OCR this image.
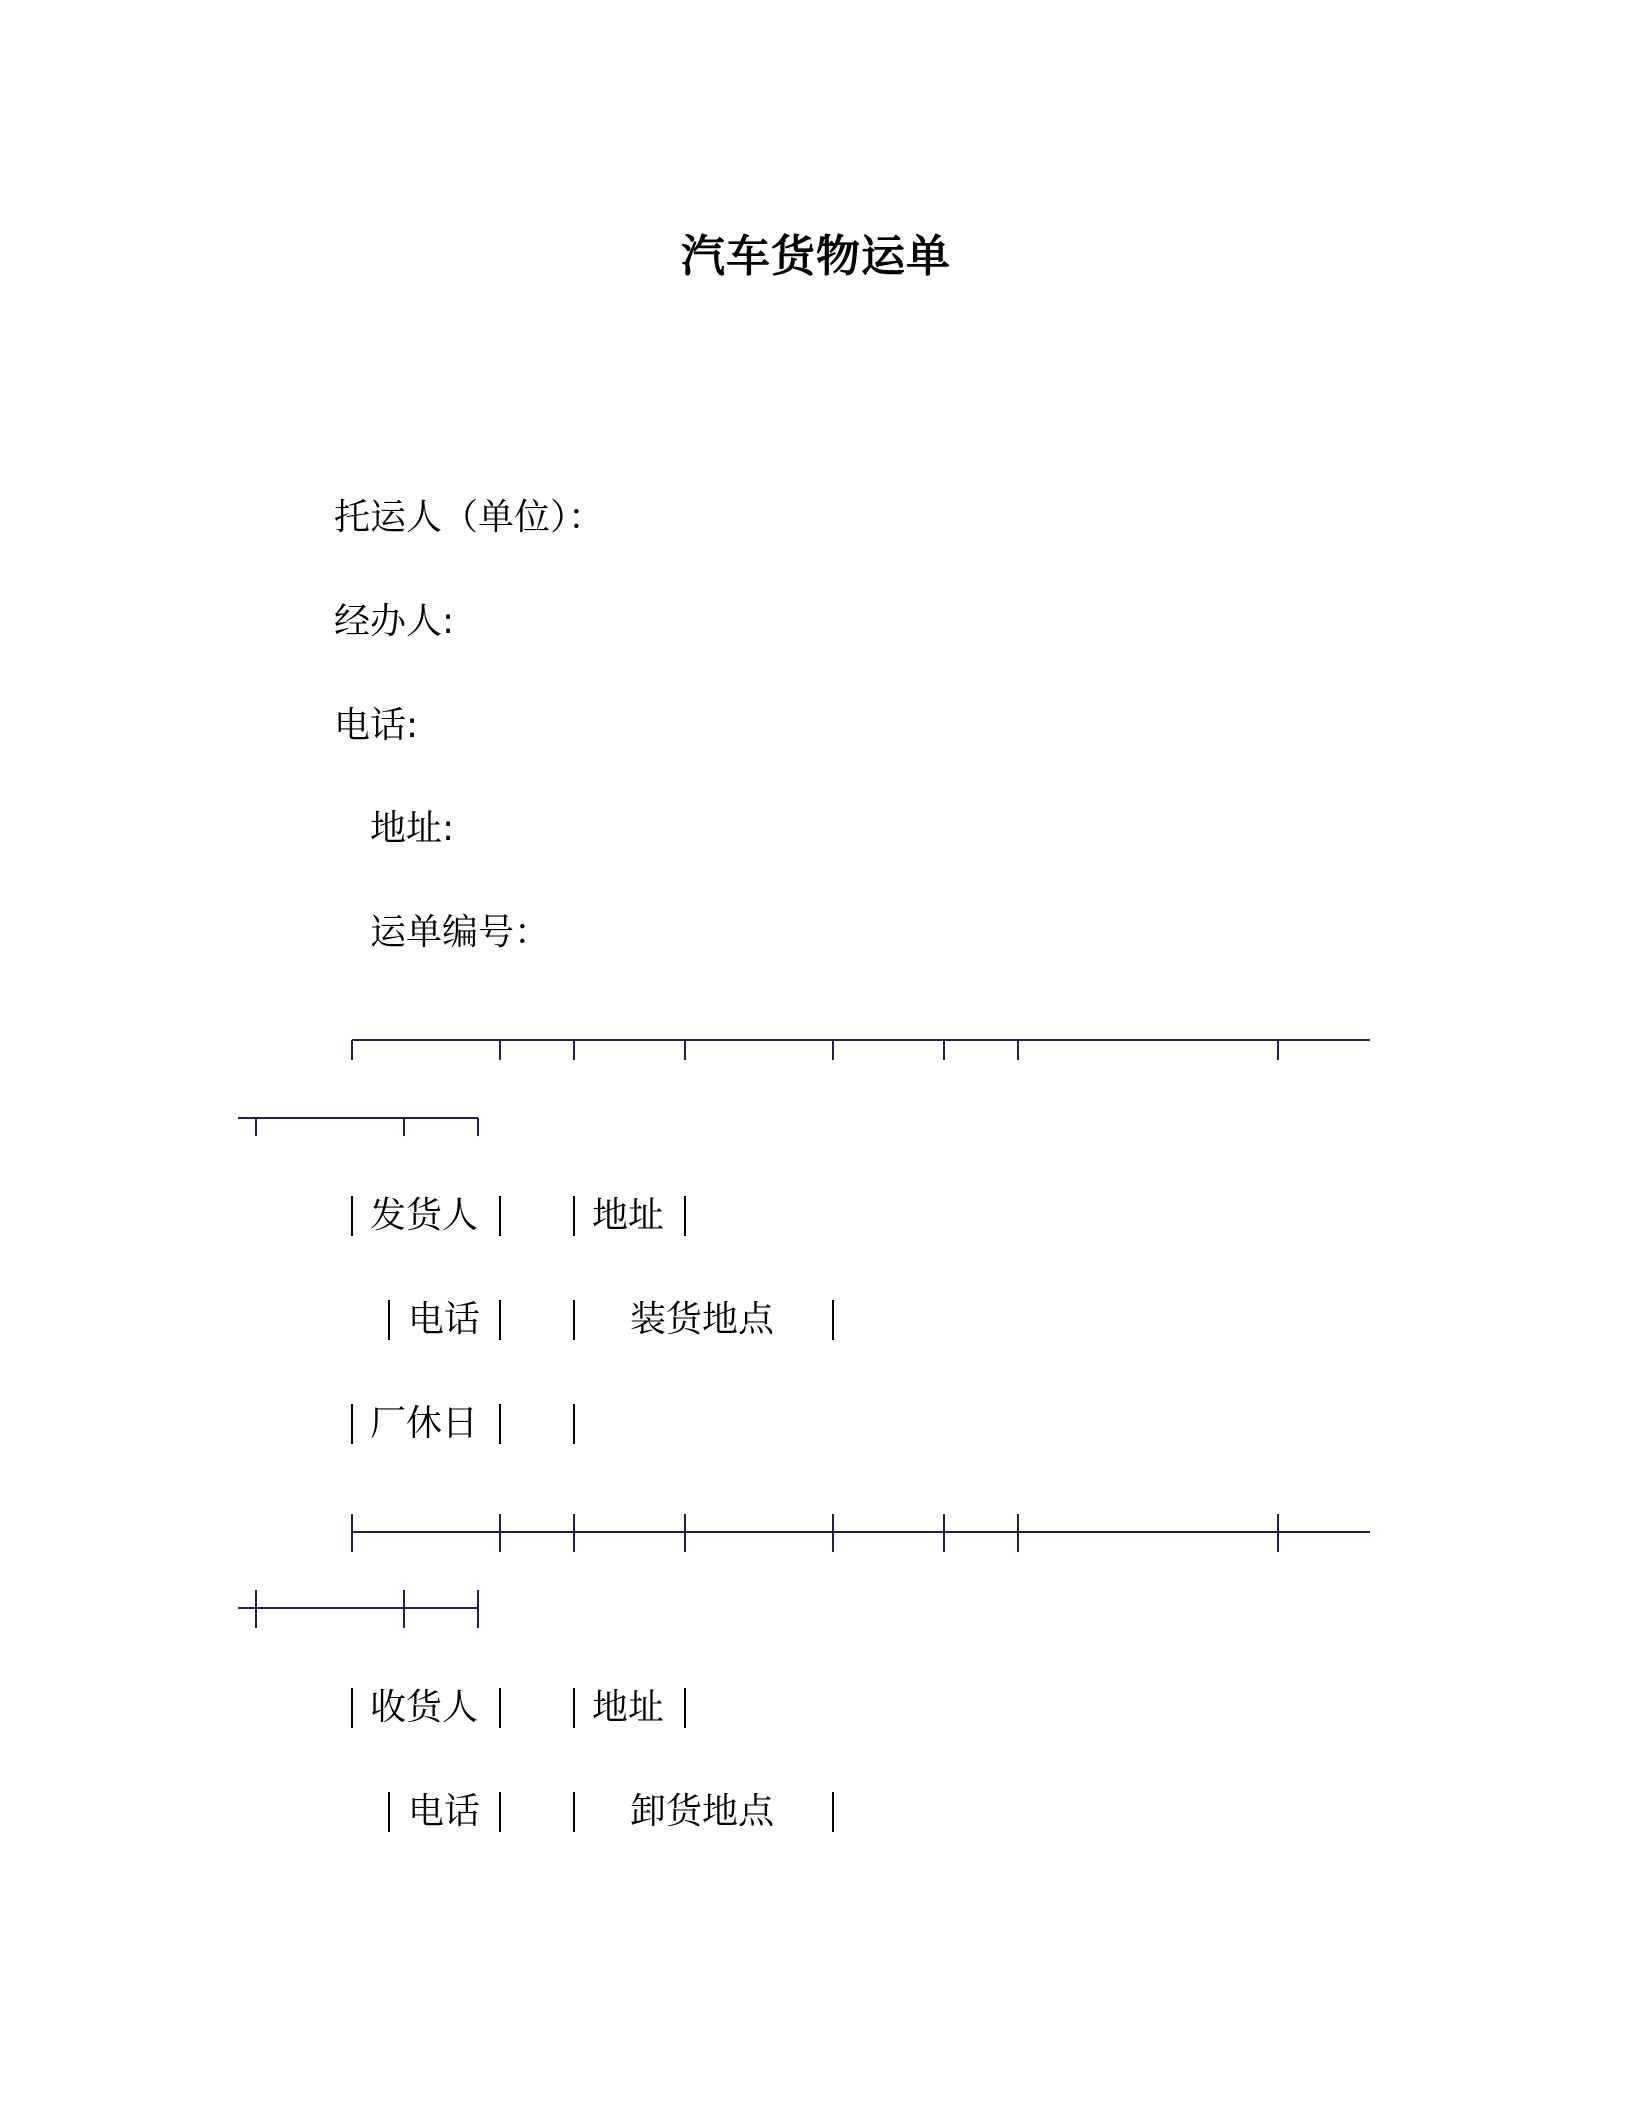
汽车货物运单
托运人（单位）：
经办人:
电话:
地址:
运单编号：
发货人	地址
电话	装货地点
厂休日
收货人	地址
电话	卸货地点
